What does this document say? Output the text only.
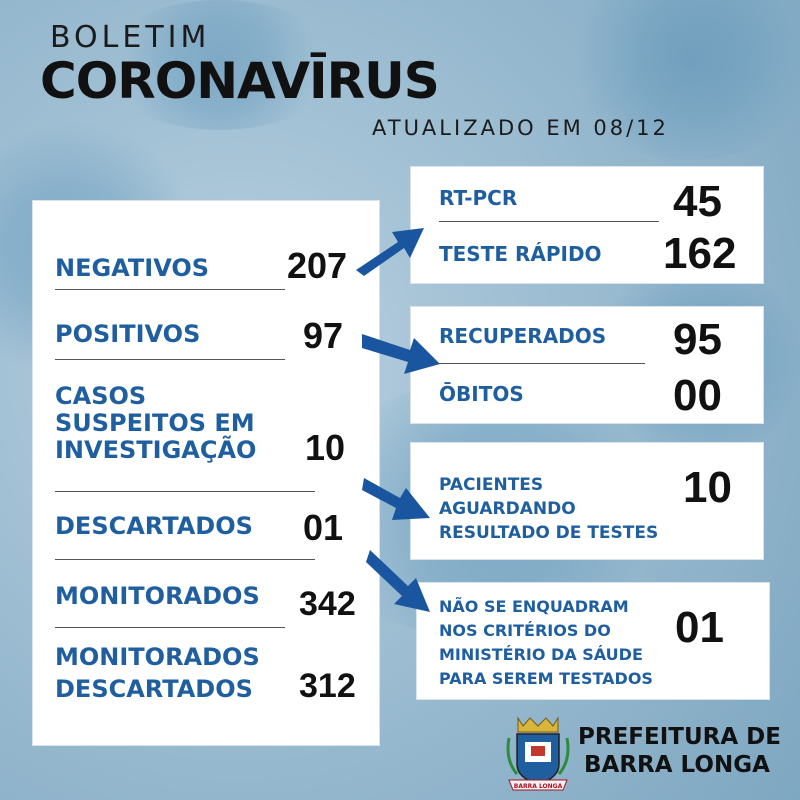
BOLETIM
CORONAVĪRUS
ATUALIZADO EM 08/12
NEGATIVOS 207
POSITIVOS	97
CASOS
SUSPEITOS EM
INVESTIGAÇÃO 10
DESCARTADOS 01
MONITORADOS 342
MONITORADOS
DESCARTADOS 312
RT-PCR	45
TESTE RÁPIDO 162
RECUPERADOS 95
ŌBITOS	00
PACIENTES
AGUARDANDO
RESULTADO DE TESTES
10
NÃO SE ENQUADRAM
NOS CRITÉRIOS DO
MINISTÉRIO DA SÁUDE
PARA SEREM TESTADOS
01
BARRA LONGA
PREFEITURA DE
BARRA LONGA
